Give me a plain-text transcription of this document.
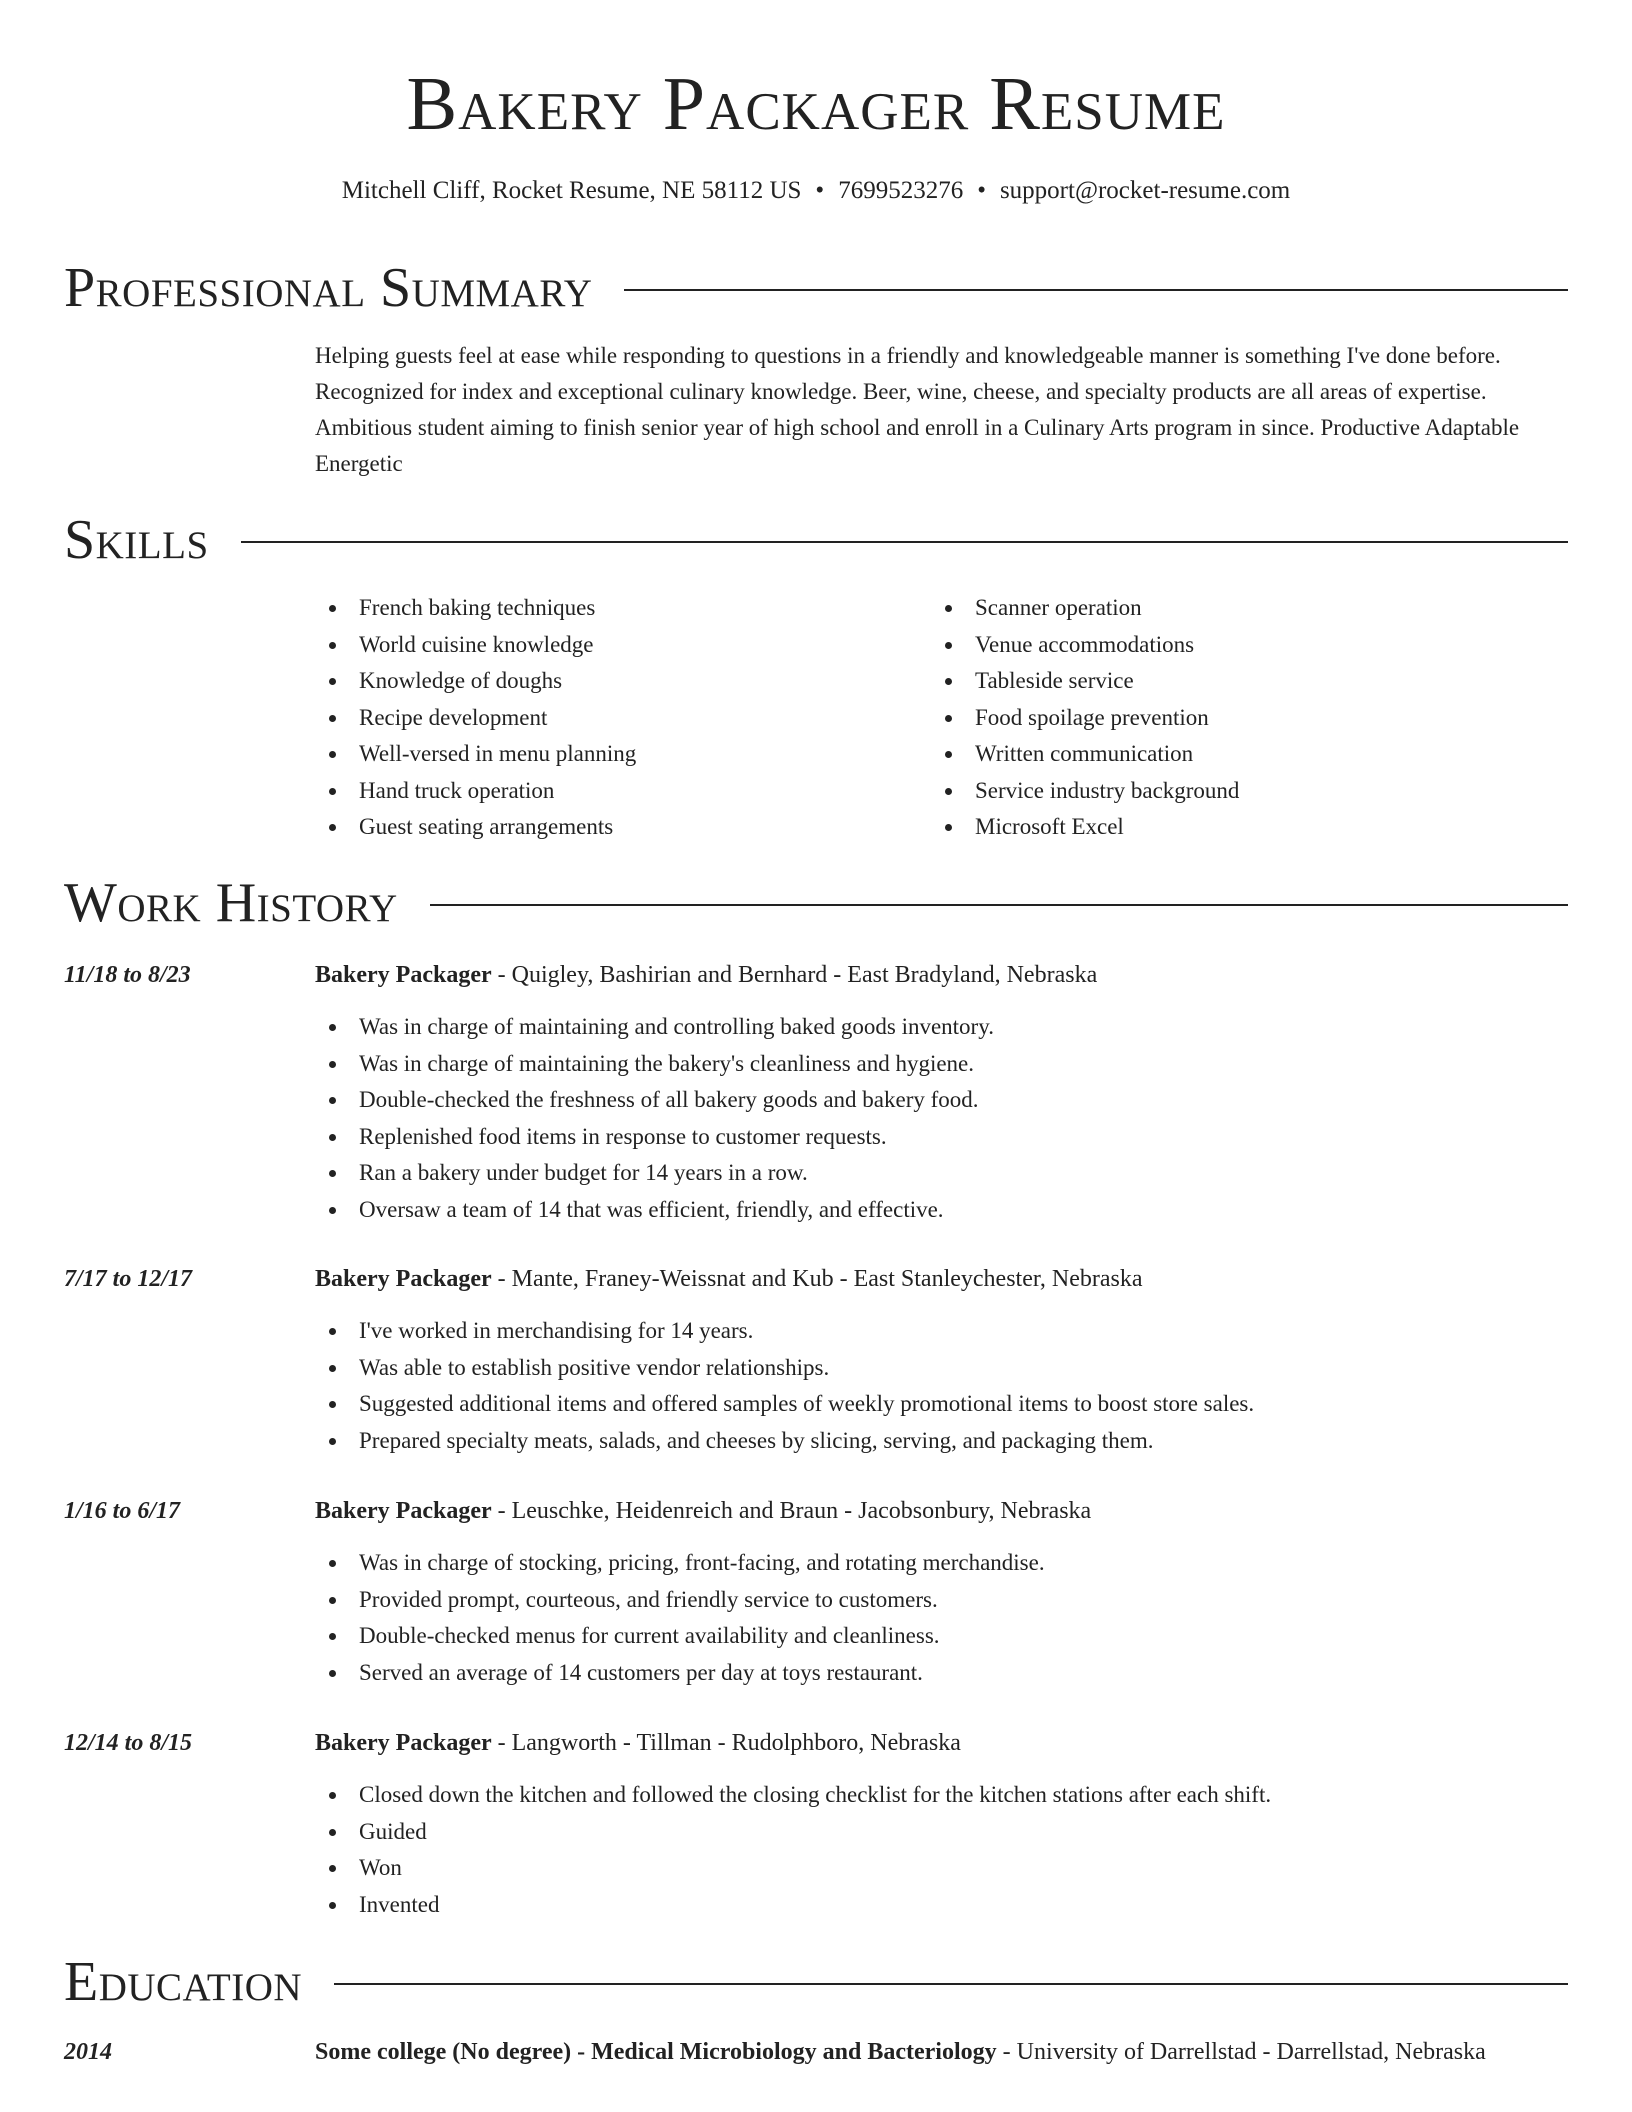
Bakery Packager Resume
Mitchell Cliff, Rocket Resume, NE 58112 US • 7699523276 • support@rocket-resume.com
Professional Summary
Helping guests feel at ease while responding to questions in a friendly and knowledgeable manner is something I've done before. Recognized for index and exceptional culinary knowledge. Beer, wine, cheese, and specialty products are all areas of expertise. Ambitious student aiming to finish senior year of high school and enroll in a Culinary Arts program in since. Productive Adaptable Energetic
Skills
French baking techniques
World cuisine knowledge
Knowledge of doughs
Recipe development
Well-versed in menu planning
Hand truck operation
Guest seating arrangements
Scanner operation
Venue accommodations
Tableside service
Food spoilage prevention
Written communication
Service industry background
Microsoft Excel
Work History
11/18 to 8/23	Bakery Packager - Quigley, Bashirian and Bernhard - East Bradyland, Nebraska
Was in charge of maintaining and controlling baked goods inventory.
Was in charge of maintaining the bakery's cleanliness and hygiene.
Double-checked the freshness of all bakery goods and bakery food.
Replenished food items in response to customer requests.
Ran a bakery under budget for 14 years in a row.
Oversaw a team of 14 that was efficient, friendly, and effective.
7/17 to 12/17	Bakery Packager - Mante, Franey-Weissnat and Kub - East Stanleychester, Nebraska
I've worked in merchandising for 14 years.
Was able to establish positive vendor relationships.
Suggested additional items and offered samples of weekly promotional items to boost store sales.
Prepared specialty meats, salads, and cheeses by slicing, serving, and packaging them.
1/16 to 6/17	Bakery Packager - Leuschke, Heidenreich and Braun - Jacobsonbury, Nebraska
Was in charge of stocking, pricing, front-facing, and rotating merchandise.
Provided prompt, courteous, and friendly service to customers.
Double-checked menus for current availability and cleanliness.
Served an average of 14 customers per day at toys restaurant.
12/14 to 8/15	Bakery Packager - Langworth - Tillman - Rudolphboro, Nebraska
Closed down the kitchen and followed the closing checklist for the kitchen stations after each shift.
Guided
Won
Invented
Education
2014	Some college (No degree) - Medical Microbiology and Bacteriology - University of Darrellstad - Darrellstad, Nebraska
